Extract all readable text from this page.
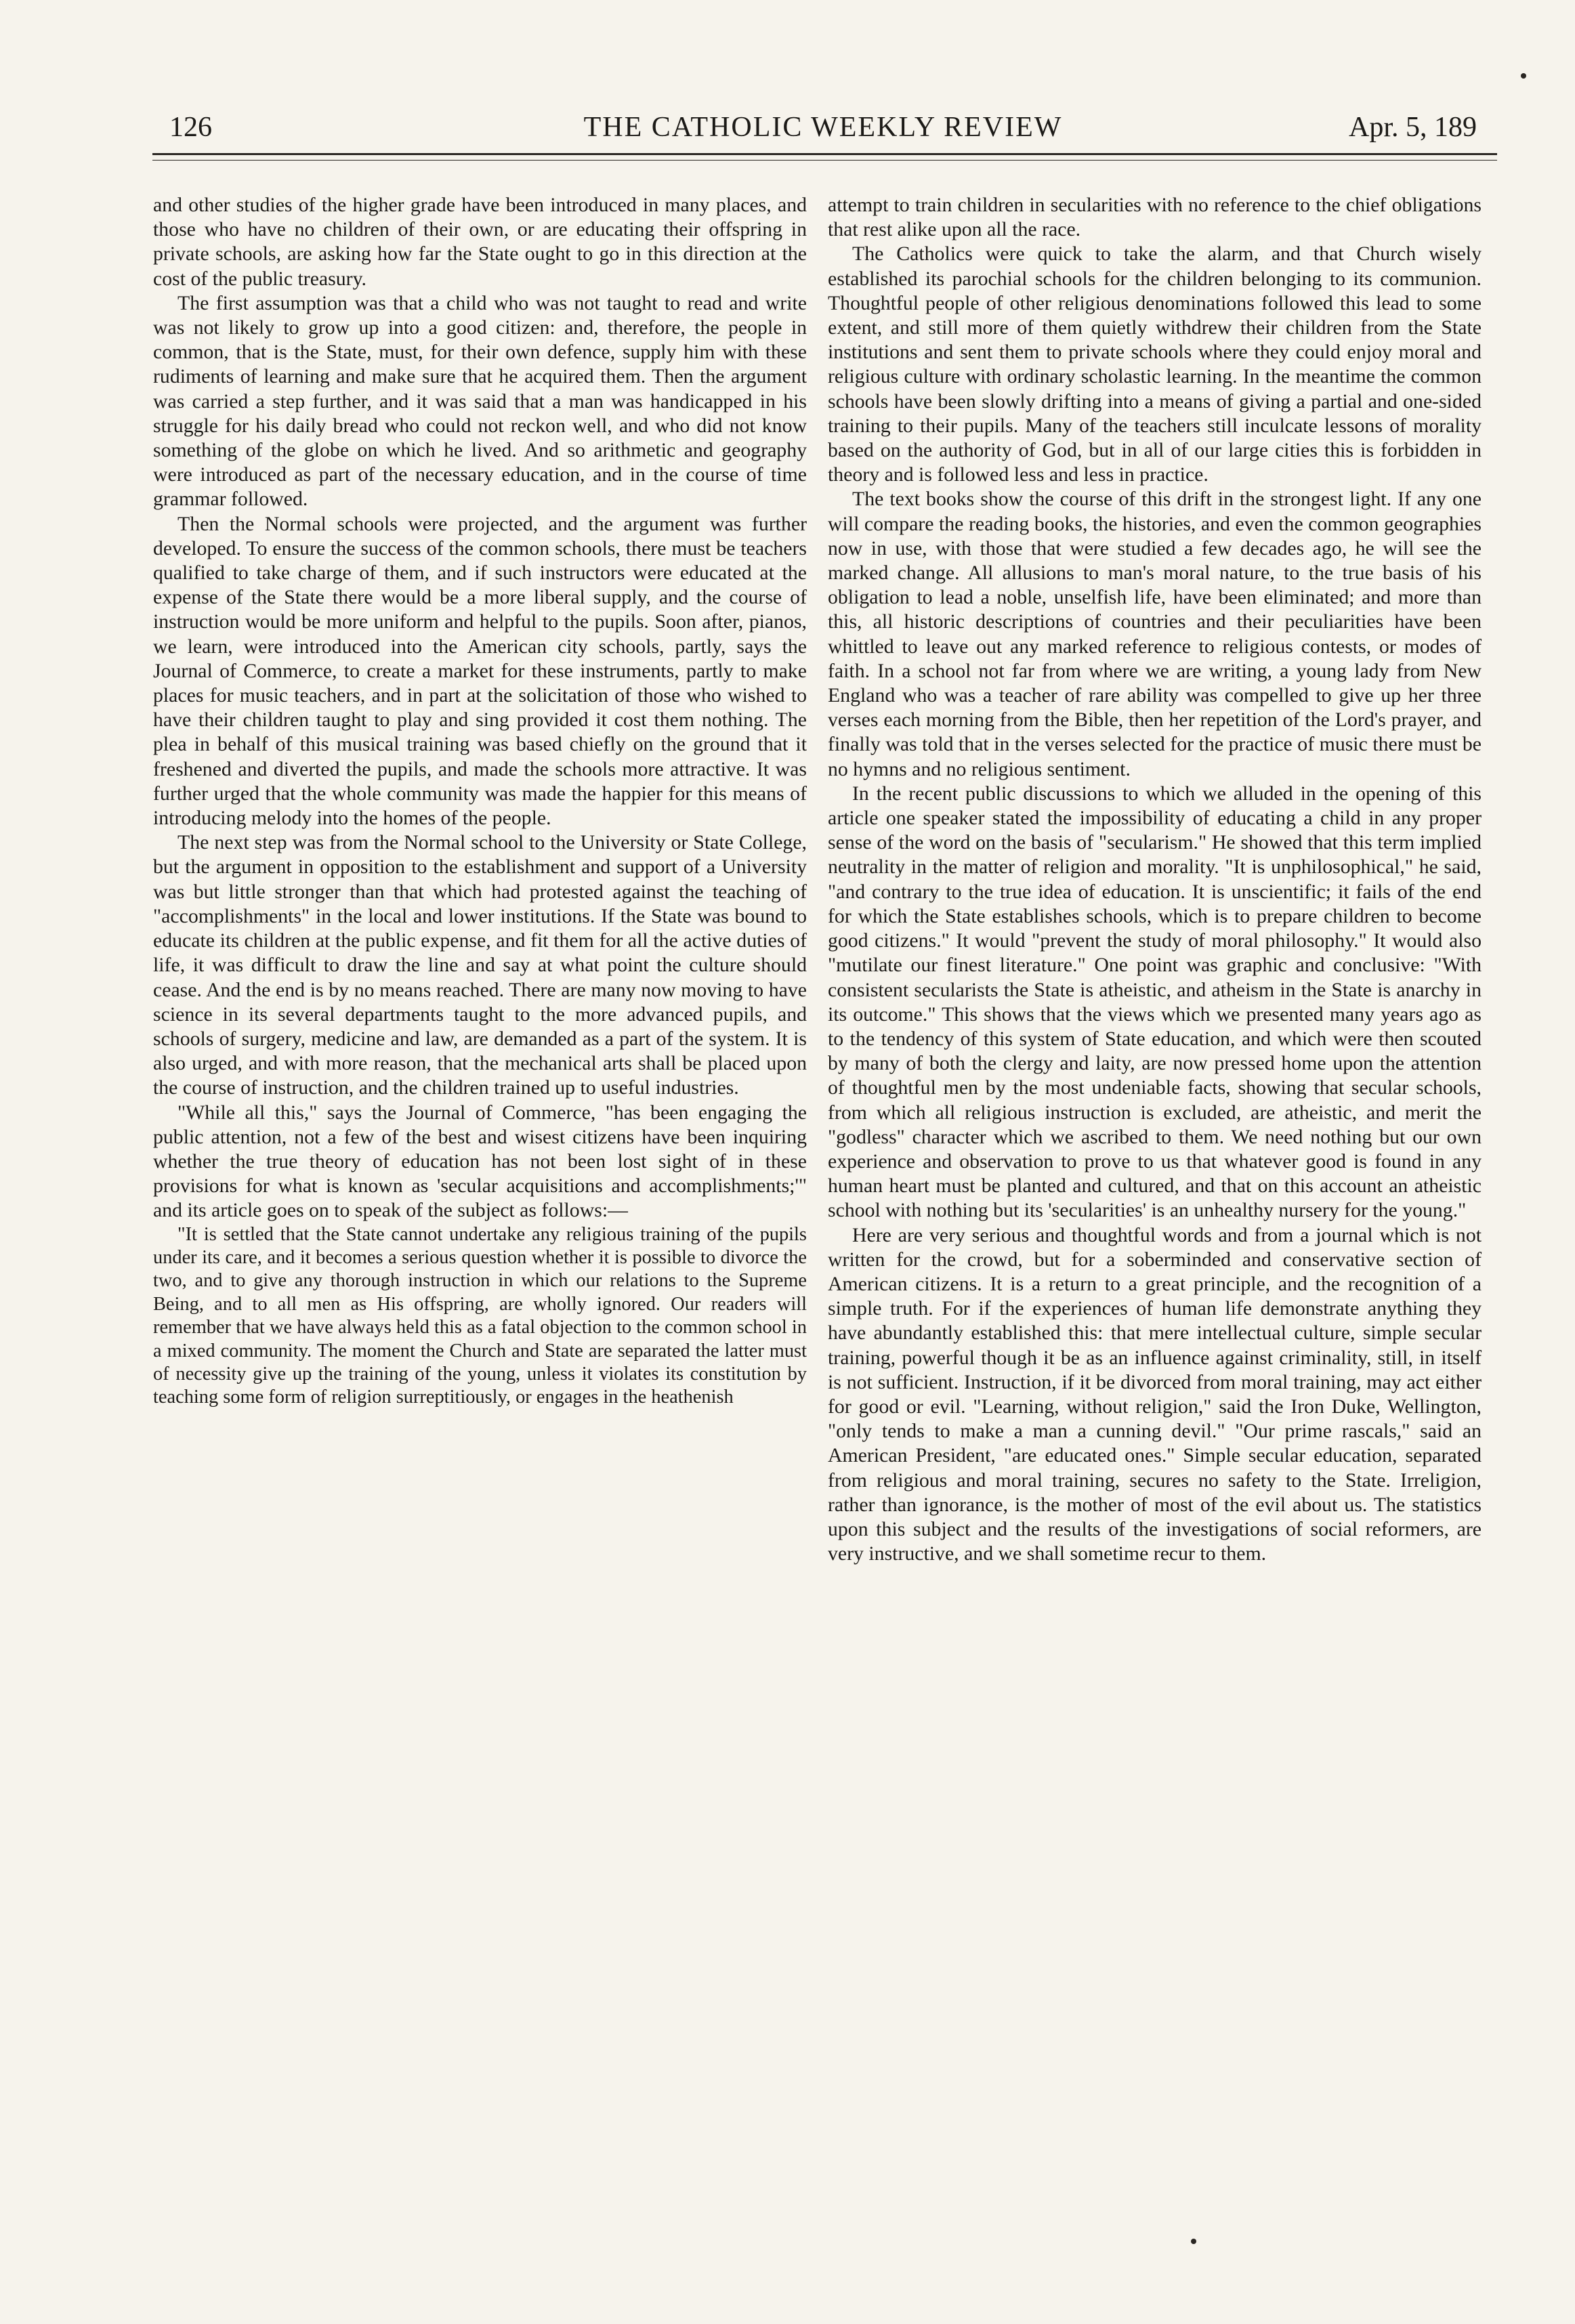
126	THE CATHOLIC WEEKLY REVIEW	Apr. 5, 189

and other studies of the higher grade have been introduced in many places, and those who have no children of their own, or are educating their offspring in private schools, are asking how far the State ought to go in this direction at the cost of the public treasury.

The first assumption was that a child who was not taught to read and write was not likely to grow up into a good citizen: and, therefore, the people in common, that is the State, must, for their own defence, supply him with these rudiments of learning and make sure that he acquired them. Then the argument was carried a step further, and it was said that a man was handicapped in his struggle for his daily bread who could not reckon well, and who did not know something of the globe on which he lived. And so arithmetic and geography were introduced as part of the necessary education, and in the course of time grammar followed.

Then the Normal schools were projected, and the argument was further developed. To ensure the success of the common schools, there must be teachers qualified to take charge of them, and if such instructors were educated at the expense of the State there would be a more liberal supply, and the course of instruction would be more uniform and helpful to the pupils. Soon after, pianos, we learn, were introduced into the American city schools, partly, says the Journal of Commerce, to create a market for these instruments, partly to make places for music teachers, and in part at the solicitation of those who wished to have their children taught to play and sing provided it cost them nothing. The plea in behalf of this musical training was based chiefly on the ground that it freshened and diverted the pupils, and made the schools more attractive. It was further urged that the whole community was made the happier for this means of introducing melody into the homes of the people.

The next step was from the Normal school to the University or State College, but the argument in opposition to the establishment and support of a University was but little stronger than that which had protested against the teaching of "accomplishments" in the local and lower institutions. If the State was bound to educate its children at the public expense, and fit them for all the active duties of life, it was difficult to draw the line and say at what point the culture should cease. And the end is by no means reached. There are many now moving to have science in its several departments taught to the more advanced pupils, and schools of surgery, medicine and law, are demanded as a part of the system. It is also urged, and with more reason, that the mechanical arts shall be placed upon the course of instruction, and the children trained up to useful industries.

"While all this," says the Journal of Commerce, "has been engaging the public attention, not a few of the best and wisest citizens have been inquiring whether the true theory of education has not been lost sight of in these provisions for what is known as 'secular acquisitions and accomplishments;'" and its article goes on to speak of the subject as follows:—

"It is settled that the State cannot undertake any religious training of the pupils under its care, and it becomes a serious question whether it is possible to divorce the two, and to give any thorough instruction in which our relations to the Supreme Being, and to all men as His offspring, are wholly ignored. Our readers will remember that we have always held this as a fatal objection to the common school in a mixed community. The moment the Church and State are separated the latter must of necessity give up the training of the young, unless it violates its constitution by teaching some form of religion surreptitiously, or engages in the heathenish

attempt to train children in secularities with no reference to the chief obligations that rest alike upon all the race.

The Catholics were quick to take the alarm, and that Church wisely established its parochial schools for the children belonging to its communion. Thoughtful people of other religious denominations followed this lead to some extent, and still more of them quietly withdrew their children from the State institutions and sent them to private schools where they could enjoy moral and religious culture with ordinary scholastic learning. In the meantime the common schools have been slowly drifting into a means of giving a partial and one-sided training to their pupils. Many of the teachers still inculcate lessons of morality based on the authority of God, but in all of our large cities this is forbidden in theory and is followed less and less in practice.

The text books show the course of this drift in the strongest light. If any one will compare the reading books, the histories, and even the common geographies now in use, with those that were studied a few decades ago, he will see the marked change. All allusions to man's moral nature, to the true basis of his obligation to lead a noble, unselfish life, have been eliminated; and more than this, all historic descriptions of countries and their peculiarities have been whittled to leave out any marked reference to religious contests, or modes of faith. In a school not far from where we are writing, a young lady from New England who was a teacher of rare ability was compelled to give up her three verses each morning from the Bible, then her repetition of the Lord's prayer, and finally was told that in the verses selected for the practice of music there must be no hymns and no religious sentiment.

In the recent public discussions to which we alluded in the opening of this article one speaker stated the impossibility of educating a child in any proper sense of the word on the basis of "secularism." He showed that this term implied neutrality in the matter of religion and morality. "It is unphilosophical," he said, "and contrary to the true idea of education. It is unscientific; it fails of the end for which the State establishes schools, which is to prepare children to become good citizens." It would "prevent the study of moral philosophy." It would also "mutilate our finest literature." One point was graphic and conclusive: "With consistent secularists the State is atheistic, and atheism in the State is anarchy in its outcome." This shows that the views which we presented many years ago as to the tendency of this system of State education, and which were then scouted by many of both the clergy and laity, are now pressed home upon the attention of thoughtful men by the most undeniable facts, showing that secular schools, from which all religious instruction is excluded, are atheistic, and merit the "godless" character which we ascribed to them. We need nothing but our own experience and observation to prove to us that whatever good is found in any human heart must be planted and cultured, and that on this account an atheistic school with nothing but its 'secularities' is an unhealthy nursery for the young."

Here are very serious and thoughtful words and from a journal which is not written for the crowd, but for a soberminded and conservative section of American citizens. It is a return to a great principle, and the recognition of a simple truth. For if the experiences of human life demonstrate anything they have abundantly established this: that mere intellectual culture, simple secular training, powerful though it be as an influence against criminality, still, in itself is not sufficient. Instruction, if it be divorced from moral training, may act either for good or evil. "Learning, without religion," said the Iron Duke, Wellington, "only tends to make a man a cunning devil." "Our prime rascals," said an American President, "are educated ones." Simple secular education, separated from religious and moral training, secures no safety to the State. Irreligion, rather than ignorance, is the mother of most of the evil about us. The statistics upon this subject and the results of the investigations of social reformers, are very instructive, and we shall sometime recur to them.
